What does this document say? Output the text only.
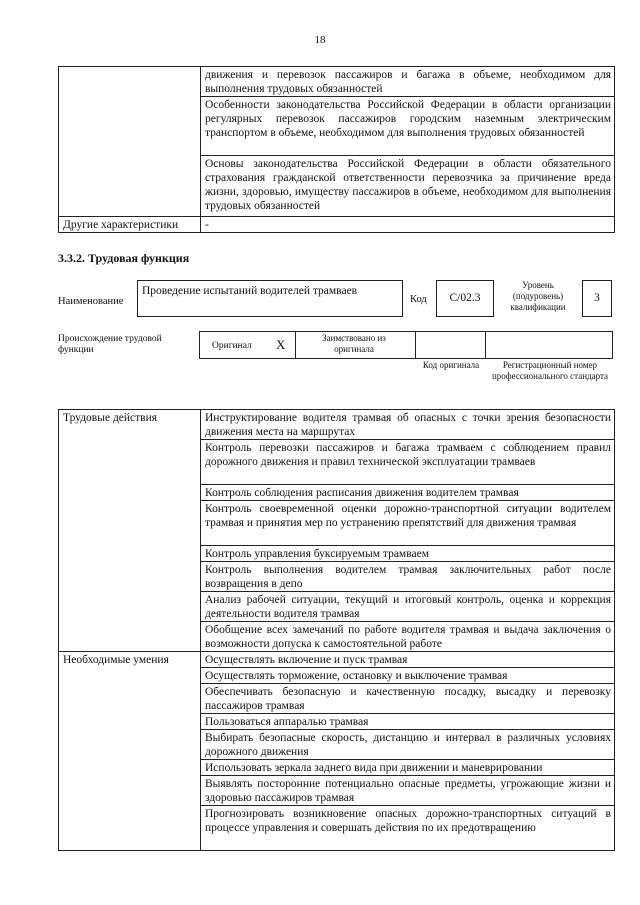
18

	движения и перевозок пассажиров и багажа в объеме, необходимом для выполнения трудовых обязанностей

	Особенности законодательства Российской Федерации в области организации регулярных перевозок пассажиров городским наземным электрическим транспортом в объеме, необходимом для выполнения трудовых обязанностей

	Основы законодательства Российской Федерации в области обязательного страхования гражданской ответственности перевозчика за причинение вреда жизни, здоровью, имуществу пассажиров в объеме, необходимом для выполнения трудовых обязанностей

Другие характеристики	-
3.3.2. Трудовая функция
Наименование
Проведение испытаний водителей трамваев
Код	C/02.3
Уровень (подуровень) квалификации
3
Происхождение трудовой функции	Оригинал X	Заимствовано из оригинала
Код оригинала	Регистрационный номер профессионального стандарта
Трудовые действия	Инструктирование водителя трамвая об опасных с точки зрения безопасности движения места на маршрутах

	Контроль перевозки пассажиров и багажа трамваем с соблюдением правил дорожного движения и правил технической эксплуатации трамваев

	Контроль соблюдения расписания движения водителем трамвая

	Контроль своевременной оценки дорожно-транспортной ситуации водителем трамвая и принятия мер по устранению препятствий для движения трамвая

	Контроль управления буксируемым трамваем

	Контроль выполнения водителем трамвая заключительных работ после возвращения в депо

	Анализ рабочей ситуации, текущий и итоговый контроль, оценка и коррекция деятельности водителя трамвая

	Обобщение всех замечаний по работе водителя трамвая и выдача заключения о возможности допуска к самостоятельной работе

Необходимые умения	Осуществлять включение и пуск трамвая

	Осуществлять торможение, остановку и выключение трамвая

	Обеспечивать безопасную и качественную посадку, высадку и перевозку пассажиров трамвая

	Пользоваться аппаралью трамвая

	Выбирать безопасные скорость, дистанцию и интервал в различных условиях дорожного движения

	Использовать зеркала заднего вида при движении и маневрировании

	Выявлять посторонние потенциально опасные предметы, угрожающие жизни и здоровью пассажиров трамвая

	Прогнозировать возникновение опасных дорожно-транспортных ситуаций в процессе управления и совершать действия по их предотвращению
